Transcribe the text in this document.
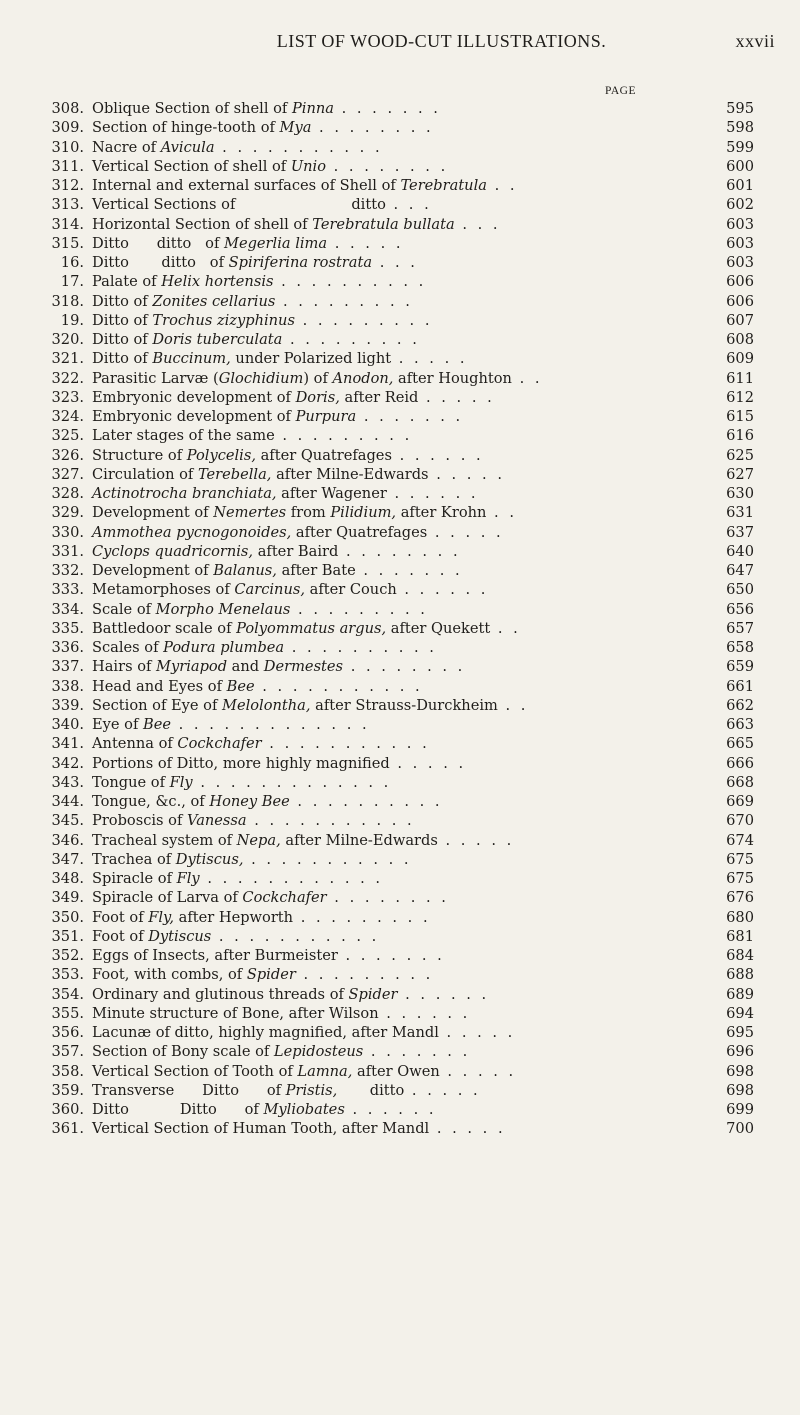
LIST OF WOOD-CUT ILLUSTRATIONS.	xxvii
PAGE
308. Oblique Section of shell of Pinna . . . . . . .	595
309. Section of hinge-tooth of Mya . . . . . . . .	598
310. Nacre of Avicula . . . . . . . . . . .	599
311. Vertical Section of shell of Unio . . . . . . . .	600
312. Internal and external surfaces of Shell of Terebratula . .	601
313. Vertical Sections of                         ditto . . .	602
314. Horizontal Section of shell of Terebratula bullata . . .	603
315. Ditto      ditto   of Megerlia lima . . . . .	603
16. Ditto       ditto   of Spiriferina rostrata . . .	603
17. Palate of Helix hortensis . . . . . . . . . .	606
318. Ditto of Zonites cellarius . . . . . . . . .	606
19. Ditto of Trochus zizyphinus . . . . . . . . .	607
320. Ditto of Doris tuberculata . . . . . . . . .	608
321. Ditto of Buccinum, under Polarized light . . . . .	609
322. Parasitic Larvæ (Glochidium) of Anodon, after Houghton . .	611
323. Embryonic development of Doris, after Reid . . . . .	612
324. Embryonic development of Purpura . . . . . . .	615
325. Later stages of the same . . . . . . . . .	616
326. Structure of Polycelis, after Quatrefages . . . . . .	625
327. Circulation of Terebella, after Milne-Edwards . . . . .	627
328. Actinotrocha branchiata, after Wagener . . . . . .	630
329. Development of Nemertes from Pilidium, after Krohn . .	631
330. Ammothea pycnogonoides, after Quatrefages . . . . .	637
331. Cyclops quadricornis, after Baird . . . . . . . .	640
332. Development of Balanus, after Bate . . . . . . .	647
333. Metamorphoses of Carcinus, after Couch . . . . . .	650
334. Scale of Morpho Menelaus . . . . . . . . .	656
335. Battledoor scale of Polyommatus argus, after Quekett . .	657
336. Scales of Podura plumbea . . . . . . . . . .	658
337. Hairs of Myriapod and Dermestes . . . . . . . .	659
338. Head and Eyes of Bee . . . . . . . . . . .	661
339. Section of Eye of Melolontha, after Strauss-Durckheim . .	662
340. Eye of Bee . . . . . . . . . . . . .	663
341. Antenna of Cockchafer . . . . . . . . . . .	665
342. Portions of Ditto, more highly magnified . . . . .	666
343. Tongue of Fly . . . . . . . . . . . . .	668
344. Tongue, &c., of Honey Bee . . . . . . . . . .	669
345. Proboscis of Vanessa . . . . . . . . . . .	670
346. Tracheal system of Nepa, after Milne-Edwards . . . . .	674
347. Trachea of Dytiscus, . . . . . . . . . . .	675
348. Spiracle of Fly . . . . . . . . . . . .	675
349. Spiracle of Larva of Cockchafer . . . . . . . .	676
350. Foot of Fly, after Hepworth . . . . . . . . .	680
351. Foot of Dytiscus . . . . . . . . . . .	681
352. Eggs of Insects, after Burmeister . . . . . . .	684
353. Foot, with combs, of Spider . . . . . . . . .	688
354. Ordinary and glutinous threads of Spider . . . . . .	689
355. Minute structure of Bone, after Wilson . . . . . .	694
356. Lacunæ of ditto, highly magnified, after Mandl . . . . .	695
357. Section of Bony scale of Lepidosteus . . . . . . .	696
358. Vertical Section of Tooth of Lamna, after Owen . . . . .	698
359. Transverse      Ditto      of Pristis,       ditto . . . . .	698
360. Ditto           Ditto      of Myliobates . . . . . .	699
361. Vertical Section of Human Tooth, after Mandl . . . . .	700
